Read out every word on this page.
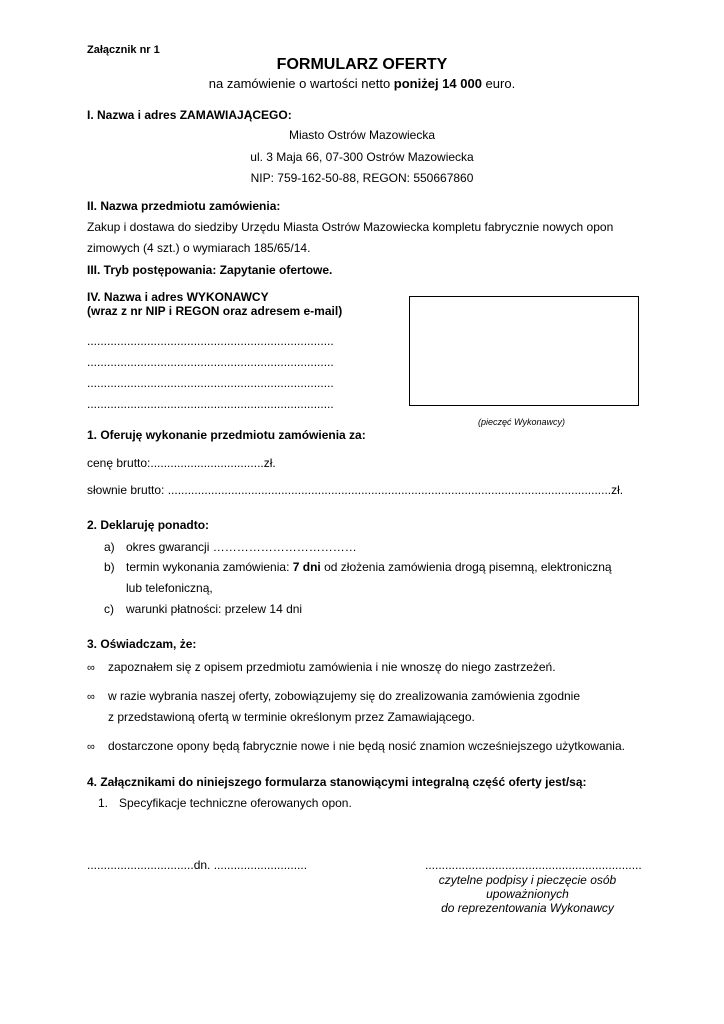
Załącznik nr 1
FORMULARZ OFERTY
na zamówienie o wartości netto poniżej 14 000 euro.
I. Nazwa i adres ZAMAWIAJĄCEGO:
Miasto Ostrów Mazowiecka
ul. 3 Maja 66, 07-300 Ostrów Mazowiecka
NIP: 759-162-50-88, REGON: 550667860
II. Nazwa przedmiotu zamówienia:
Zakup i dostawa do siedziby Urzędu Miasta Ostrów Mazowiecka kompletu fabrycznie nowych opon
zimowych (4 szt.) o wymiarach 185/65/14.
III. Tryb postępowania: Zapytanie ofertowe.
IV. Nazwa i adres WYKONAWCY
(wraz z nr NIP i REGON oraz adresem e-mail)
..........................................................................
..........................................................................
..........................................................................
..........................................................................
(pieczęć Wykonawcy)
1. Oferuję wykonanie przedmiotu zamówienia za:
cenę brutto:..................................zł.
słownie brutto: .....................................................................................................................................zł.
2. Deklaruję ponadto:
a) okres gwarancji ………………………………
b) termin wykonania zamówienia: 7 dni od złożenia zamówienia drogą pisemną, elektroniczną
lub telefoniczną,
c) warunki płatności: przelew 14 dni
3. Oświadczam, że:
∞ zapoznałem się z opisem przedmiotu zamówienia i nie wnoszę do niego zastrzeżeń.
∞ w razie wybrania naszej oferty, zobowiązujemy się do zrealizowania zamówienia zgodnie
z przedstawioną ofertą w terminie określonym przez Zamawiającego.
∞ dostarczone opony będą fabrycznie nowe i nie będą nosić znamion wcześniejszego użytkowania.
4. Załącznikami do niniejszego formularza stanowiącymi integralną część oferty jest/są:
1. Specyfikacje techniczne oferowanych opon.
................................dn. ............................	.................................................................
czytelne podpisy i pieczęcie osób
upoważnionych
do reprezentowania Wykonawcy
